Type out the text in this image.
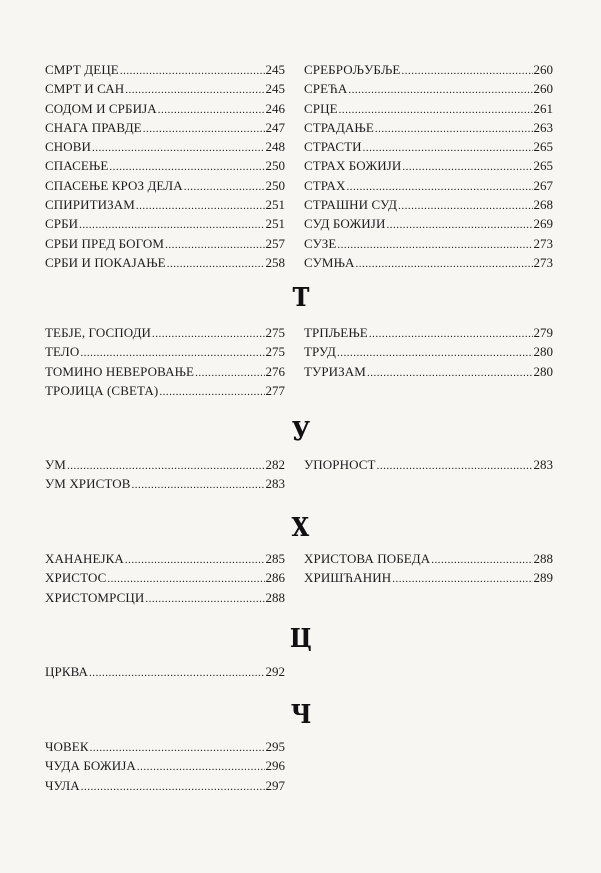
СМРТ ДЕЦЕ .....	245
СМРТ И САН .....	245
СОДОМ И СРБИЈА .....	246
СНАГА ПРАВДЕ .....	247
СНОВИ .....	248
СПАСЕЊЕ .....	250
СПАСЕЊЕ КРОЗ ДЕЛА .....	250
СПИРИТИЗАМ .....	251
СРБИ .....	251
СРБИ ПРЕД БОГОМ .....	257
СРБИ И ПОКАЈАЊЕ .....	258
СРЕБРОЉУБЉЕ .....	260
СРЕЋА .....	260
СРЦЕ .....	261
СТРАДАЊЕ .....	263
СТРАСТИ .....	265
СТРАХ БОЖИЈИ .....	265
СТРАХ .....	267
СТРАШНИ СУД .....	268
СУД БОЖИЈИ .....	269
СУЗЕ .....	273
СУМЊА .....	273
Т
ТЕБЈЕ, ГОСПОДИ .....	275
ТЕЛО .....	275
ТОМИНО НЕВЕРОВАЊЕ .....	276
ТРОЈИЦА (СВЕТА) .....	277
ТРПЉЕЊЕ .....	279
ТРУД .....	280
ТУРИЗАМ .....	280
У
УМ .....	282
УМ ХРИСТОВ .....	283
УПОРНОСТ .....	283
Х
ХАНАНЕЈКА .....	285
ХРИСТОС .....	286
ХРИСТОМРСЦИ .....	288
ХРИСТОВА ПОБЕДА .....	288
ХРИШЋАНИН .....	289
Ц
ЦРКВА .....	292
Ч
ЧОВЕК .....	295
ЧУДА БОЖИЈА .....	296
ЧУЛА .....	297
